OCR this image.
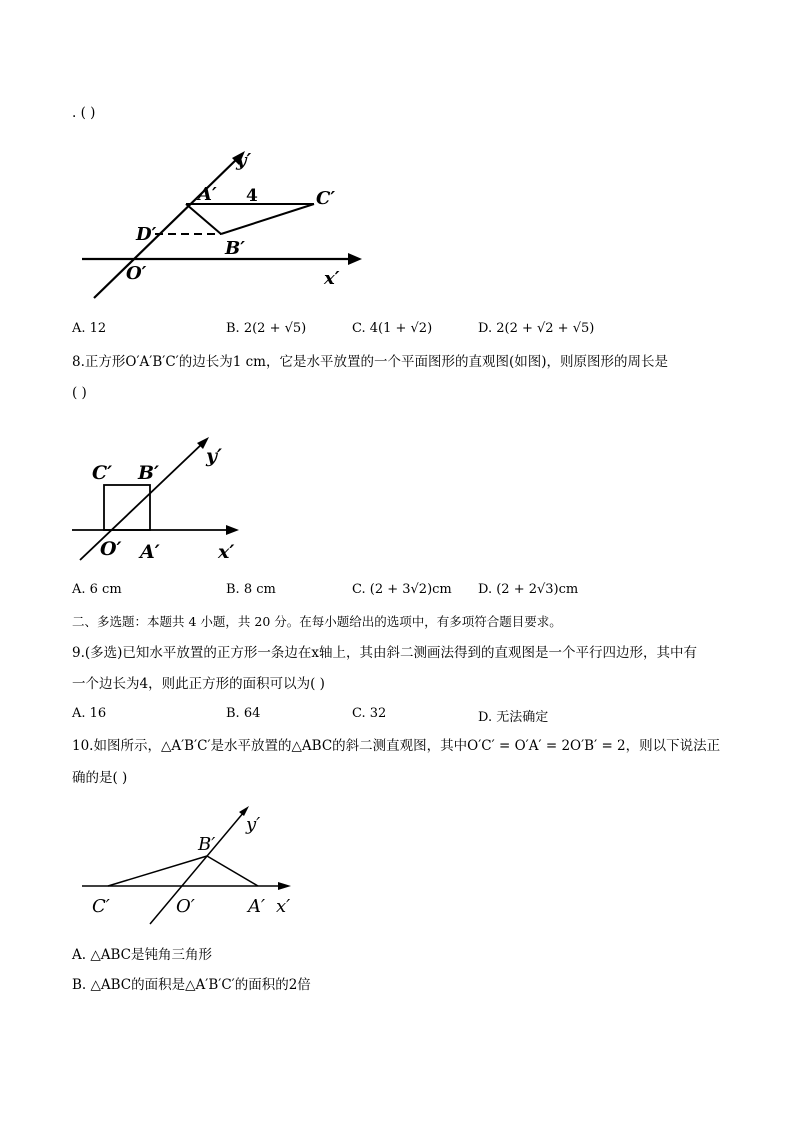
. ( )
y′
A′ 4	C′
D′
B′
O′	x′
A. 12	B. 2(2 + √5)	C. 4(1 + √2)	D. 2(2 + √2 + √5)
8.正方形O′A′B′C′的边长为1 cm，它是水平放置的一个平面图形的直观图(如图)，则原图形的周长是
( )
y′
C′ B′
O′ A′	x′
A. 6 cm	B. 8 cm	C. (2 + 3√2)cm D. (2 + 2√3)cm
二、多选题：本题共 4 小题，共 20 分。在每小题给出的选项中，有多项符合题目要求。
9.(多选)已知水平放置的正方形一条边在x轴上，其由斜二测画法得到的直观图是一个平行四边形，其中有
一个边长为4，则此正方形的面积可以为( )
A. 16	B. 64	C. 32	D. 无法确定
10.如图所示，△A′B′C′是水平放置的△ABC的斜二测直观图，其中O′C′ = O′A′ = 2O′B′ = 2，则以下说法正
确的是( )
y′
B′
C′	O′	A′ x′
A. △ABC是钝角三角形
B. △ABC的面积是△A′B′C′的面积的2倍
